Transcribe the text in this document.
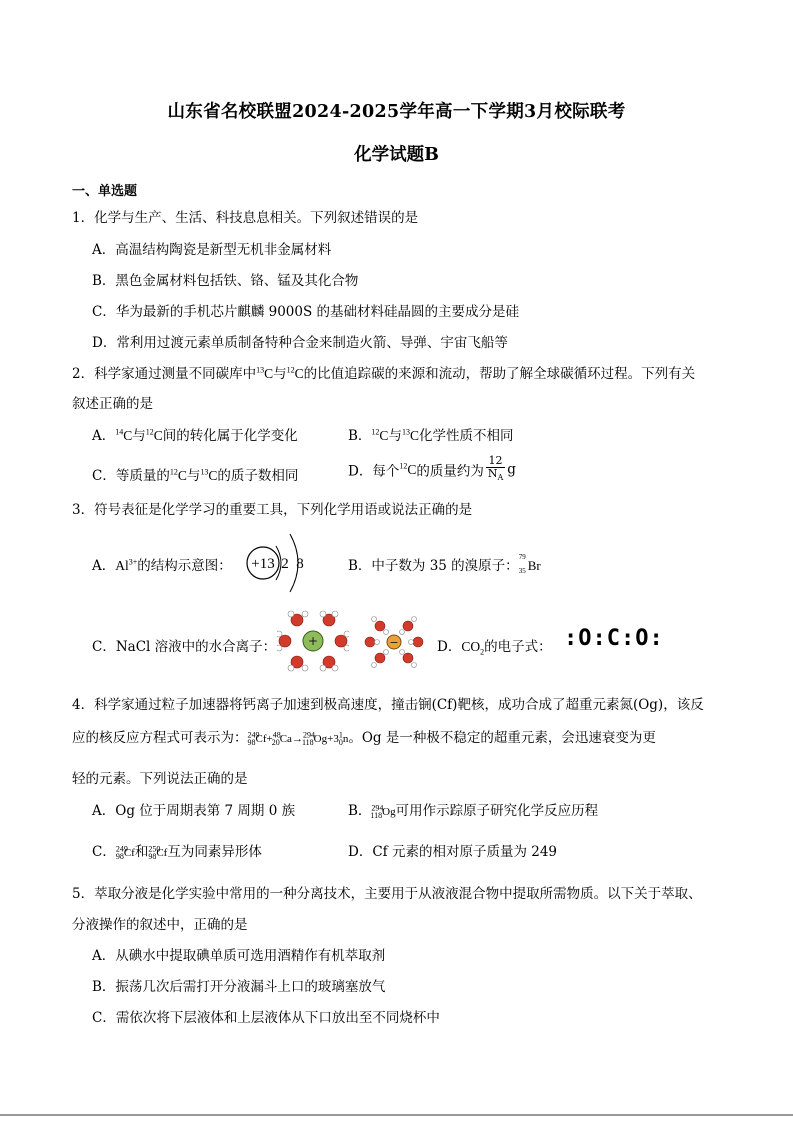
山东省名校联盟2024-2025学年高一下学期3月校际联考
化学试题B
一、单选题
1．化学与生产、生活、科技息息相关。下列叙述错误的是
A．高温结构陶瓷是新型无机非金属材料
B．黑色金属材料包括铁、铬、锰及其化合物
C．华为最新的手机芯片麒麟 9000S 的基础材料硅晶圆的主要成分是硅
D．常利用过渡元素单质制备特种合金来制造火箭、导弹、宇宙飞船等
2．科学家通过测量不同碳库中$^{13}$C与$^{12}$C的比值追踪碳的来源和流动，帮助了解全球碳循环过程。下列有关
叙述正确的是
A．$^{14}$C与$^{12}$C间的转化属于化学变化	B．$^{12}$C与$^{13}$C化学性质不相同
C．等质量的$^{12}$C与$^{13}$C的质子数相同	D．每个$^{12}$C的质量约为 $\frac{12}{N_A}$ g
3．符号表征是化学学习的重要工具，下列化学用语或说法正确的是
A．$Al^{3+}$的结构示意图： +13 2 8	B．中子数为 35 的溴原子：
79
35 Br
C．NaCl 溶液中的水合离子：	+	−	D．$CO_2$的电子式： :O:C:O:
4．科学家通过粒子加速器将钙离子加速到极高速度，撞击锎(Cf)靶核，成功合成了超重元素氮(Og)，该反
应的核反应方程式可表示为：$^{249}_{98}Cf+^{48}_{20}Ca\to^{294}_{118}Og+3^1_0n$。Og 是一种极不稳定的超重元素，会迅速衰变为更
轻的元素。下列说法正确的是
A．Og 位于周期表第 7 周期 0 族	B．$^{294}_{118}$Og可用作示踪原子研究化学反应历程
C．$^{249}_{98}$Cf和$^{250}_{98}$Cf互为同素异形体	D．Cf 元素的相对原子质量为 249
5．萃取分液是化学实验中常用的一种分离技术，主要用于从液液混合物中提取所需物质。以下关于萃取、
分液操作的叙述中，正确的是
A．从碘水中提取碘单质可选用酒精作有机萃取剂
B．振荡几次后需打开分液漏斗上口的玻璃塞放气
C．需依次将下层液体和上层液体从下口放出至不同烧杯中
